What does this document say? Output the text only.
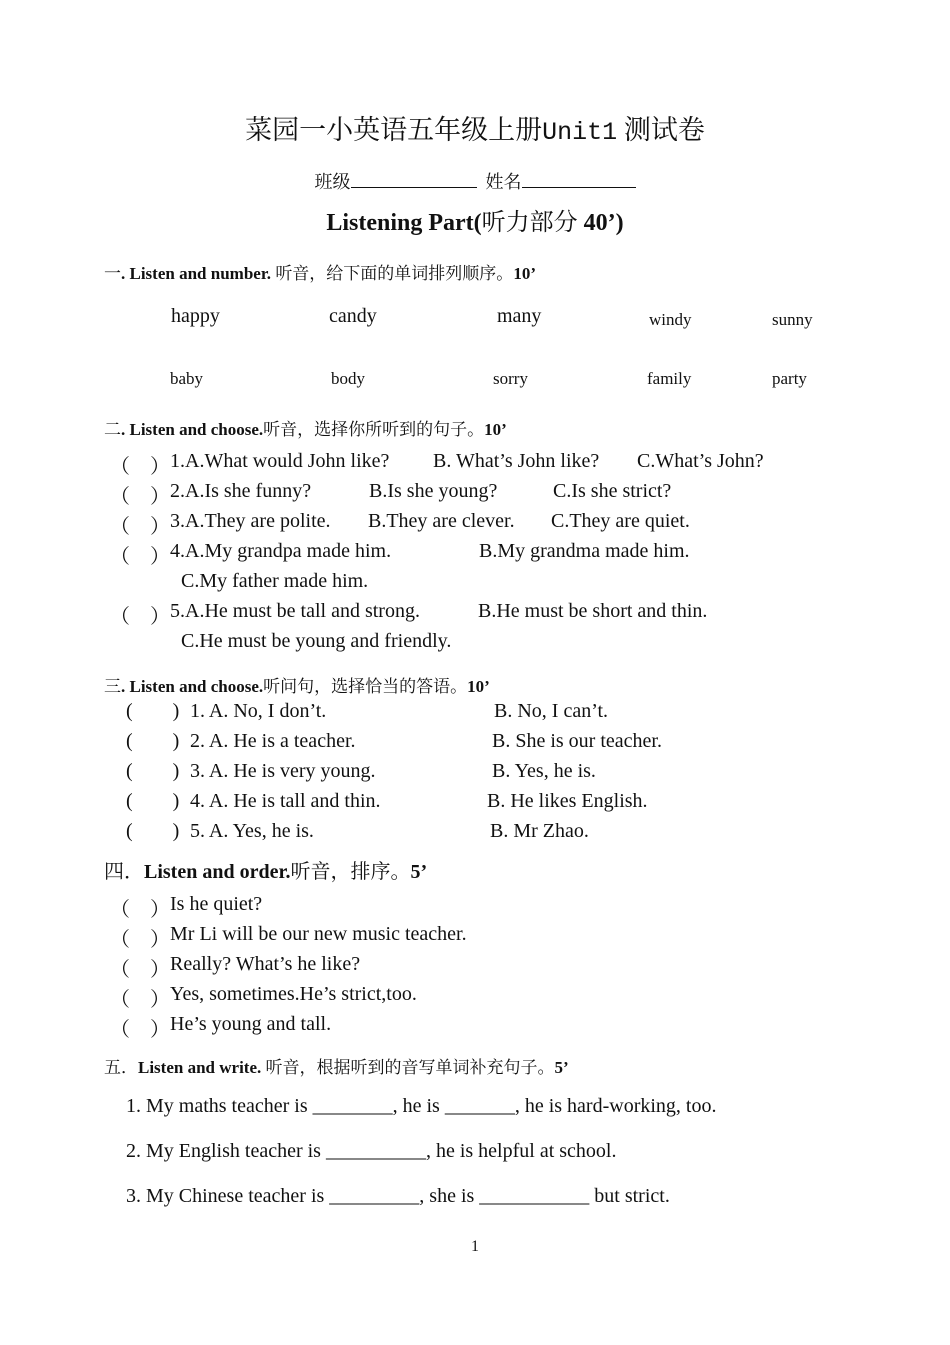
菜园一小英语五年级上册Unit1 测试卷
班级	姓名
Listening Part(听力部分 40’)
一. Listen and number. 听音，给下面的单词排列顺序。10’
happy	candy	many	windy	sunny
baby	body	sorry	family	party
二. Listen and choose.听音，选择你所听到的句子。10’
（    ） 1.A.What would John like? B. What’s John like? C.What’s John?
（    ） 2.A.Is she funny?	B.Is she young?	C.Is she strict?
（    ） 3.A.They are polite. B.They are clever. C.They are quiet.
（    ） 4.A.My grandpa made him.	B.My grandma made him.
C.My father made him.
（    ） 5.A.He must be tall and strong.	B.He must be short and thin.
C.He must be young and friendly.
三. Listen and choose.听问句，选择恰当的答语。10’
(        ) 1. A. No, I don’t.	B. No, I can’t.
(        ) 2. A. He is a teacher.	B. She is our teacher.
(        ) 3. A. He is very young.	B. Yes, he is.
(        ) 4. A. He is tall and thin.	B. He likes English.
(        ) 5. A. Yes, he is.	B. Mr Zhao.
四．Listen and order.听音，排序。5’
（    ） Is he quiet?
（    ） Mr Li will be our new music teacher.
（    ） Really? What’s he like?
（    ） Yes, sometimes.He’s strict,too.
（    ） He’s young and tall.
五．Listen and write. 听音，根据听到的音写单词补充句子。5’
1. My maths teacher is ________, he is _______, he is hard-working, too.
2. My English teacher is __________, he is helpful at school.
3. My Chinese teacher is _________, she is ___________ but strict.
1
